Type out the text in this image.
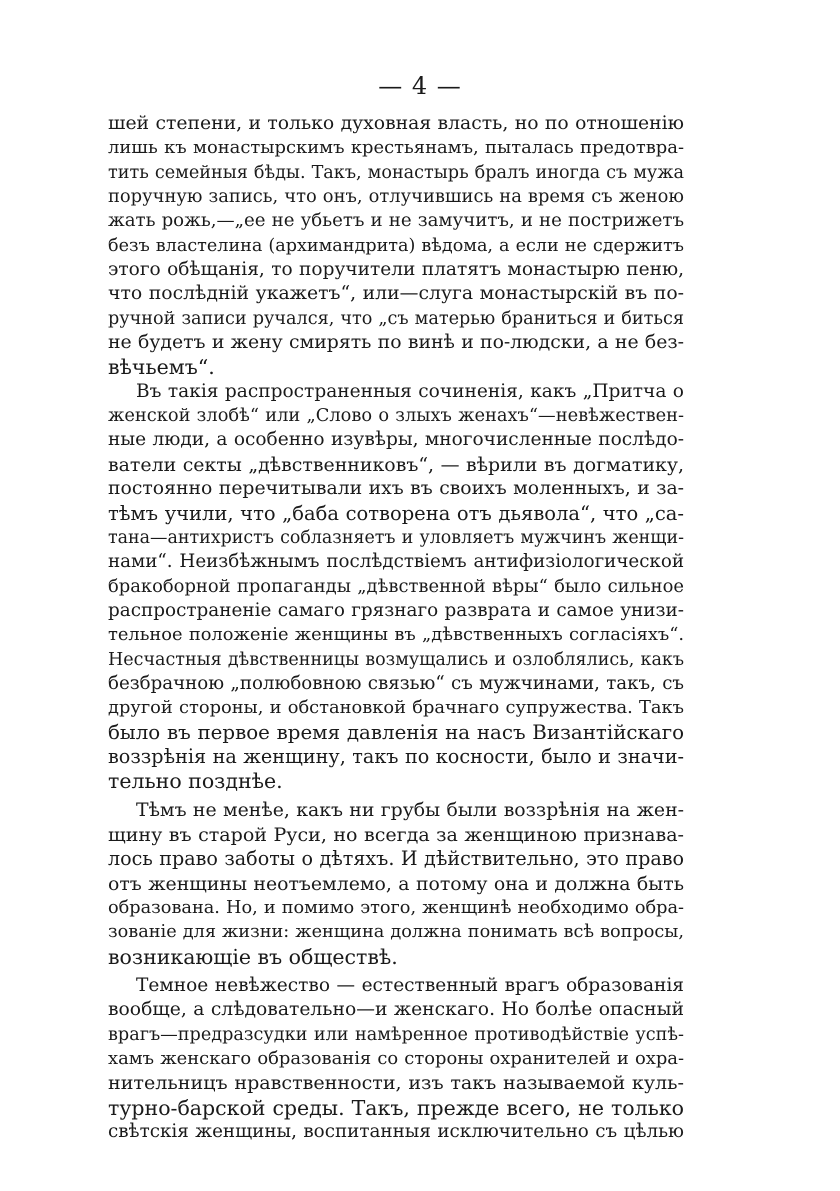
— 4 —
шей степени, и только духовная власть, но по отношенію
лишь къ монастырскимъ крестьянамъ, пыталась предотвра-
тить семейныя бѣды. Такъ, монастырь бралъ иногда съ мужа
поручную запись, что онъ, отлучившись на время съ женою
жать рожь,—„ее не убьетъ и не замучитъ, и не пострижетъ
безъ властелина (архимандрита) вѣдома, а если не сдержитъ
этого обѣщанія, то поручители платятъ монастырю пеню,
что послѣдній укажетъ“, или—слуга монастырскій въ по-
ручной записи ручался, что „съ матерью браниться и биться
не будетъ и жену смирять по винѣ и по-людски, а не без-
вѣчьемъ“.
Въ такія распространенныя сочиненія, какъ „Притча о
женской злобѣ“ или „Слово о злыхъ женахъ“—невѣжествен-
ные люди, а особенно изувѣры, многочисленные послѣдо-
ватели секты „дѣвственниковъ“, — вѣрили въ догматику,
постоянно перечитывали ихъ въ своихъ моленныхъ, и за-
тѣмъ учили, что „баба сотворена отъ дьявола“, что „са-
тана—антихристъ соблазняетъ и уловляетъ мужчинъ женщи-
нами“. Неизбѣжнымъ послѣдствіемъ антифизіологической
бракоборной пропаганды „дѣвственной вѣры“ было сильное
распространеніе самаго грязнаго разврата и самое унизи-
тельное положеніе женщины въ „дѣвственныхъ согласіяхъ“.
Несчастныя дѣвственницы возмущались и озлоблялись, какъ
безбрачною „полюбовною связью“ съ мужчинами, такъ, съ
другой стороны, и обстановкой брачнаго супружества. Такъ
было въ первое время давленія на насъ Византійскаго
воззрѣнія на женщину, такъ по косности, было и значи-
тельно позднѣе.
Тѣмъ не менѣе, какъ ни грубы были воззрѣнія на жен-
щину въ старой Руси, но всегда за женщиною признава-
лось право заботы о дѣтяхъ. И дѣйствительно, это право
отъ женщины неотъемлемо, а потому она и должна быть
образована. Но, и помимо этого, женщинѣ необходимо обра-
зованіе для жизни: женщина должна понимать всѣ вопросы,
возникающіе въ обществѣ.
Темное невѣжество — естественный врагъ образованія
вообще, а слѣдовательно—и женскаго. Но болѣе опасный
врагъ—предразсудки или намѣренное противодѣйствіе успѣ-
хамъ женскаго образованія со стороны охранителей и охра-
нительницъ нравственности, изъ такъ называемой куль-
турно-барской среды. Такъ, прежде всего, не только
свѣтскія женщины, воспитанныя исключительно съ цѣлью
